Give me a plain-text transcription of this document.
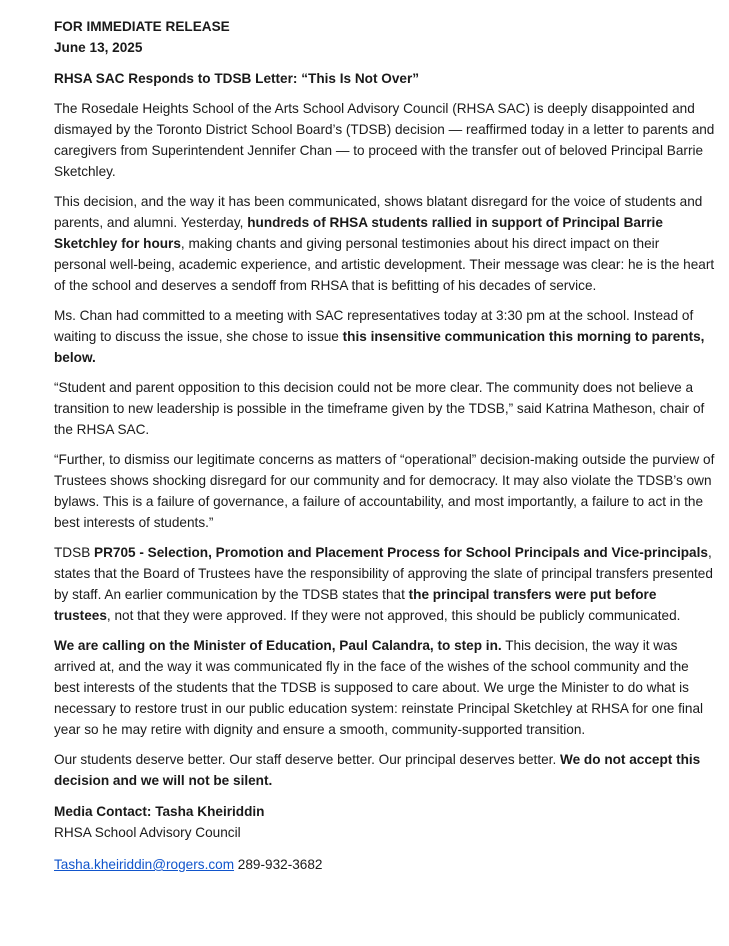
FOR IMMEDIATE RELEASE
June 13, 2025
RHSA SAC Responds to TDSB Letter: “This Is Not Over”

The Rosedale Heights School of the Arts School Advisory Council (RHSA SAC) is deeply disappointed and dismayed by the Toronto District School Board’s (TDSB) decision — reaffirmed today in a letter to parents and caregivers from Superintendent Jennifer Chan — to proceed with the transfer out of beloved Principal Barrie Sketchley.

This decision, and the way it has been communicated, shows blatant disregard for the voice of students and parents, and alumni. Yesterday, hundreds of RHSA students rallied in support of Principal Barrie Sketchley for hours, making chants and giving personal testimonies about his direct impact on their personal well-being, academic experience, and artistic development. Their message was clear: he is the heart of the school and deserves a sendoff from RHSA that is befitting of his decades of service.

Ms. Chan had committed to a meeting with SAC representatives today at 3:30 pm at the school. Instead of waiting to discuss the issue, she chose to issue this insensitive communication this morning to parents, below.

“Student and parent opposition to this decision could not be more clear. The community does not believe a transition to new leadership is possible in the timeframe given by the TDSB,” said Katrina Matheson, chair of the RHSA SAC.

“Further, to dismiss our legitimate concerns as matters of “operational” decision-making outside the purview of Trustees shows shocking disregard for our community and for democracy. It may also violate the TDSB’s own bylaws. This is a failure of governance, a failure of accountability, and most importantly, a failure to act in the best interests of students.”

TDSB PR705 - Selection, Promotion and Placement Process for School Principals and Vice-principals, states that the Board of Trustees have the responsibility of approving the slate of principal transfers presented by staff. An earlier communication by the TDSB states that the principal transfers were put before trustees, not that they were approved. If they were not approved, this should be publicly communicated.

We are calling on the Minister of Education, Paul Calandra, to step in. This decision, the way it was arrived at, and the way it was communicated fly in the face of the wishes of the school community and the best interests of the students that the TDSB is supposed to care about. We urge the Minister to do what is necessary to restore trust in our public education system: reinstate Principal Sketchley at RHSA for one final year so he may retire with dignity and ensure a smooth, community-supported transition.

Our students deserve better. Our staff deserve better. Our principal deserves better. We do not accept this decision and we will not be silent.

Media Contact: Tasha Kheiriddin
RHSA School Advisory Council
Tasha.kheiriddin@rogers.com 289-932-3682
